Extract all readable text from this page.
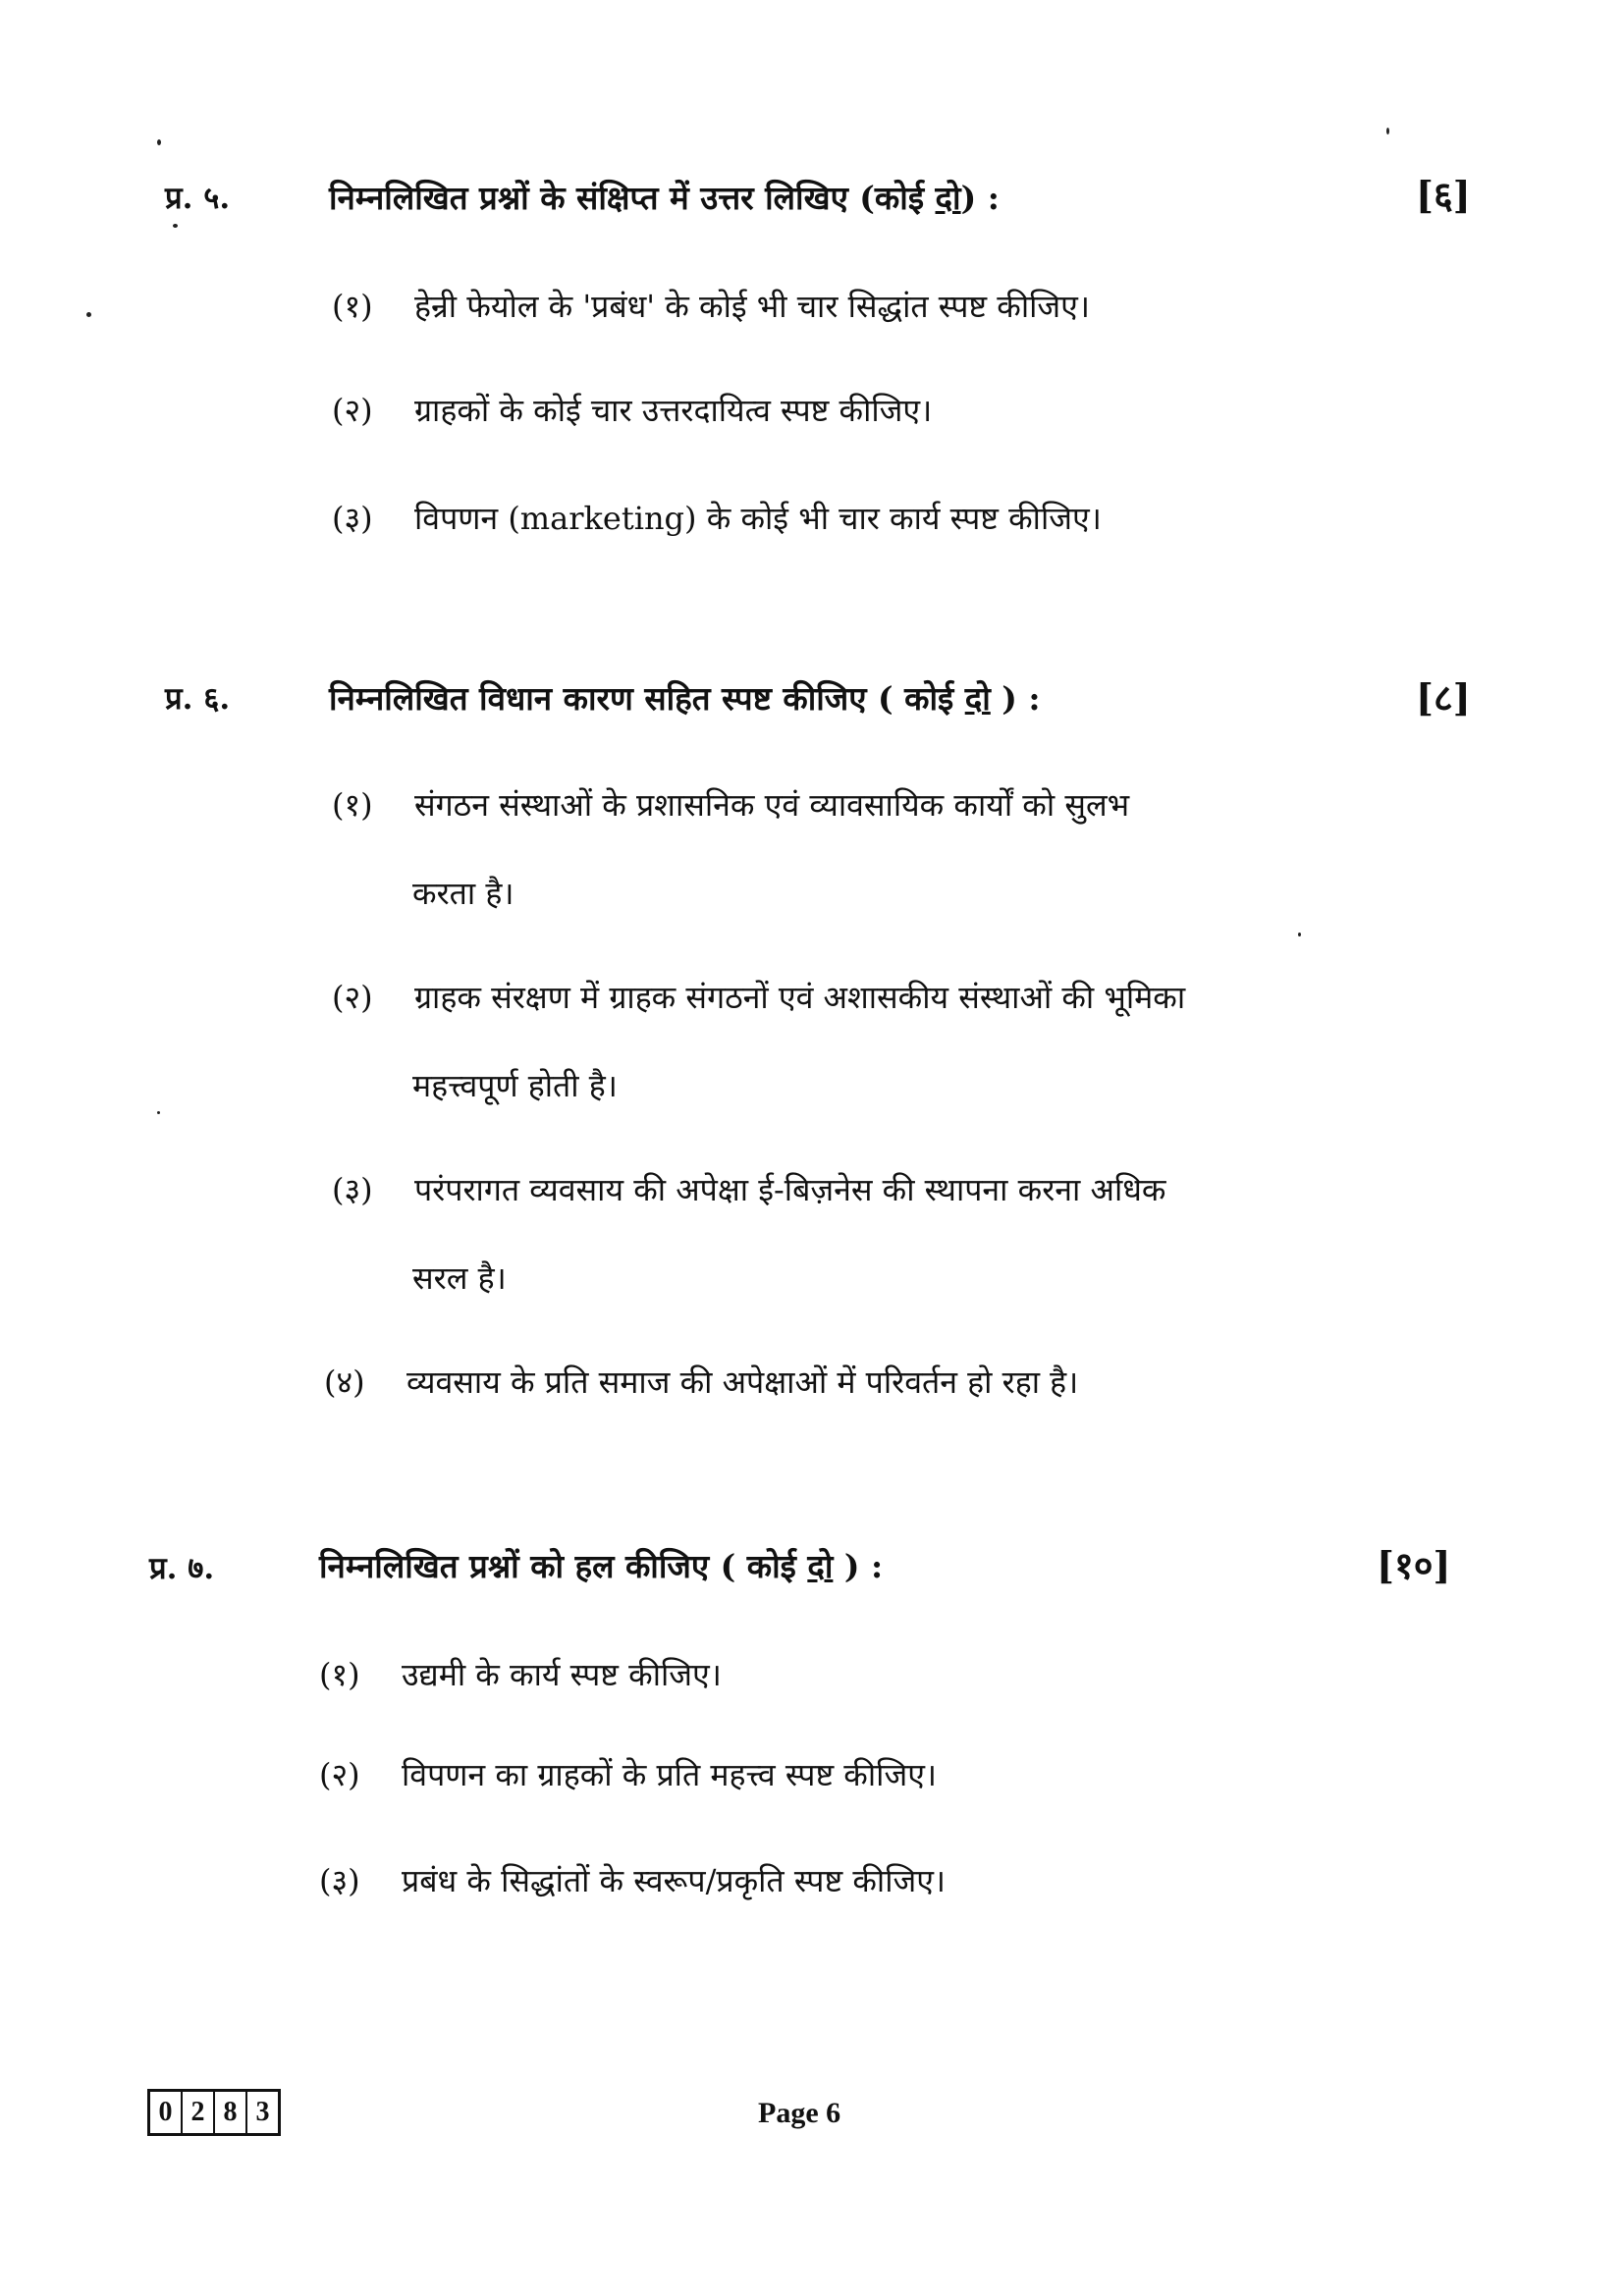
प्र. ५.	निम्नलिखित प्रश्नों के संक्षिप्त में उत्तर लिखिए (कोई दो) :	[६]
(१) हेन्री फेयोल के 'प्रबंध' के कोई भी चार सिद्धांत स्पष्ट कीजिए।
(२) ग्राहकों के कोई चार उत्तरदायित्व स्पष्ट कीजिए।
(३) विपणन (marketing) के कोई भी चार कार्य स्पष्ट कीजिए।
प्र. ६.	निम्नलिखित विधान कारण सहित स्पष्ट कीजिए ( कोई दो ) :	[८]
(१) संगठन संस्थाओं के प्रशासनिक एवं व्यावसायिक कार्यों को सुलभ
करता है।
(२) ग्राहक संरक्षण में ग्राहक संगठनों एवं अशासकीय संस्थाओं की भूमिका
महत्त्वपूर्ण होती है।
(३) परंपरागत व्यवसाय की अपेक्षा ई-बिज़नेस की स्थापना करना अधिक
सरल है।
(४) व्यवसाय के प्रति समाज की अपेक्षाओं में परिवर्तन हो रहा है।
प्र. ७.	निम्नलिखित प्रश्नों को हल कीजिए ( कोई दो ) :	[१०]
(१) उद्यमी के कार्य स्पष्ट कीजिए।
(२) विपणन का ग्राहकों के प्रति महत्त्व स्पष्ट कीजिए।
(३) प्रबंध के सिद्धांतों के स्वरूप/प्रकृति स्पष्ट कीजिए।
0 2 8 3	Page 6
